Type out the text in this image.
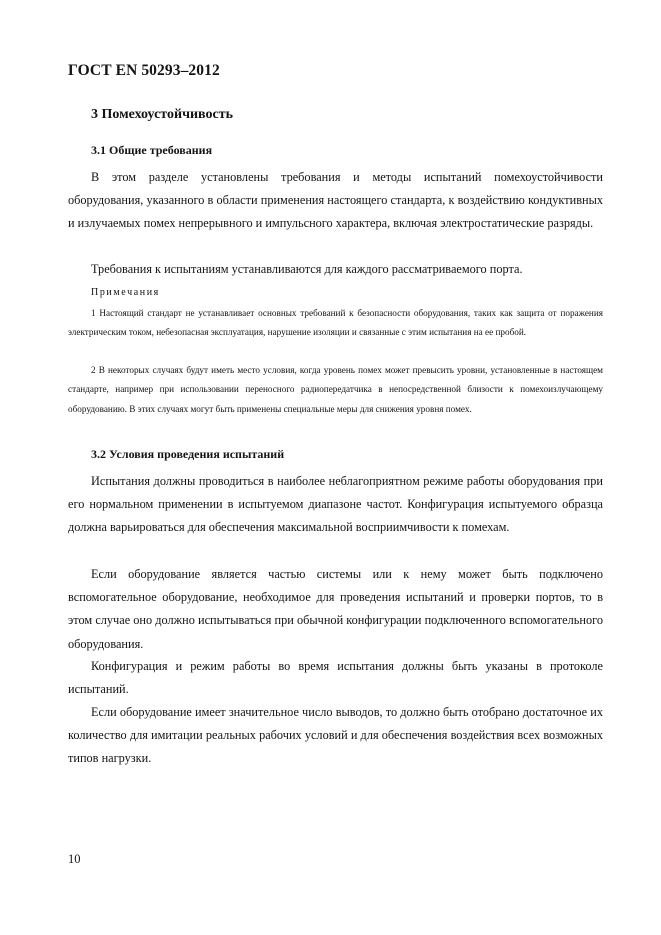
ГОСТ EN 50293–2012
3 Помехоустойчивость
3.1 Общие требования

В этом разделе установлены требования и методы испытаний помехоустойчивости оборудования, указанного в области применения настоящего стандарта, к воздействию кондуктивных и излучаемых помех непрерывного и импульсного характера, включая электростатические разряды.

Требования к испытаниям устанавливаются для каждого рассматриваемого порта.

Примечания

1 Настоящий стандарт не устанавливает основных требований к безопасности оборудования, таких как защита от поражения электрическим током, небезопасная эксплуатация, нарушение изоляции и связанные с этим испытания на ее пробой.

2 В некоторых случаях будут иметь место условия, когда уровень помех может превысить уровни, установленные в настоящем стандарте, например при использовании переносного радиопередатчика в непосредственной близости к помехоизлучающему оборудованию. В этих случаях могут быть применены специальные меры для снижения уровня помех.

3.2 Условия проведения испытаний

Испытания должны проводиться в наиболее неблагоприятном режиме работы оборудования при его нормальном применении в испытуемом диапазоне частот. Конфигурация испытуемого образца должна варьироваться для обеспечения максимальной восприимчивости к помехам.

Если оборудование является частью системы или к нему может быть подключено вспомогательное оборудование, необходимое для проведения испытаний и проверки портов, то в этом случае оно должно испытываться при обычной конфигурации подключенного вспомогательного оборудования.

Конфигурация и режим работы во время испытания должны быть указаны в протоколе испытаний.

Если оборудование имеет значительное число выводов, то должно быть отобрано достаточное их количество для имитации реальных рабочих условий и для обеспечения воздействия всех возможных типов нагрузки.

10
